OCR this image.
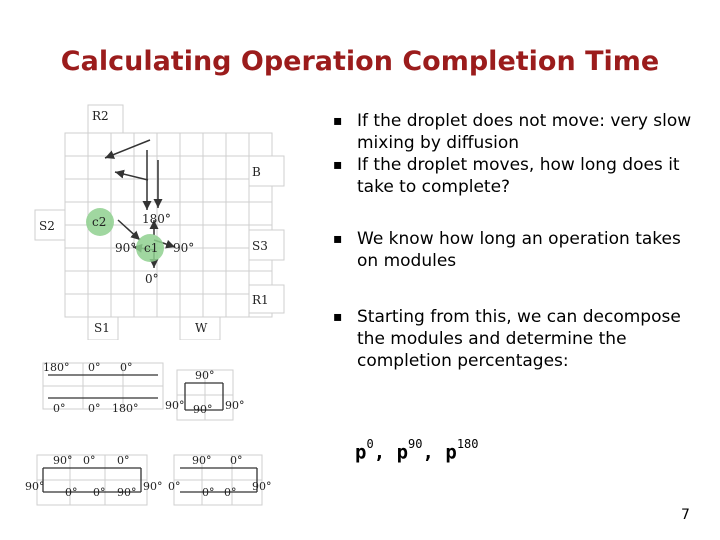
Calculating Operation Completion Time

▪ If the droplet does not move: very slow mixing by diffusion

▪ If the droplet moves, how long does it take to complete?

▪ We know how long an operation takes on modules

▪ Starting from this, we can decompose the modules and determine the completion percentages:

$p^0$, $p^{90}$, $p^{180}$
7
R2
B
S2
S3
R1
S1	W
c2
c1
180°
90°	90°
0°
180° 0° 0°
0° 0° 180°
90°
90° 90° 90°
90° 0° 0°
90° 0° 0° 90° 90°
90° 0°
0° 0° 0° 90°
